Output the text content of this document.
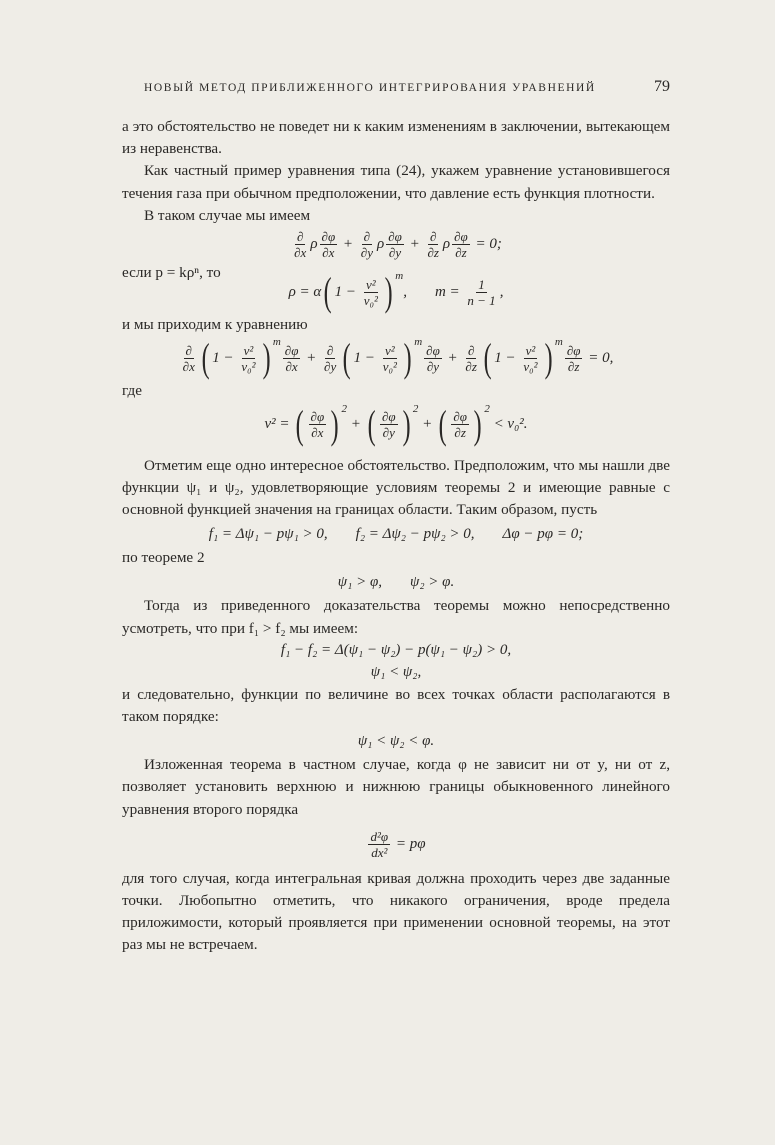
НОВЫЙ МЕТОД ПРИБЛИЖЕННОГО ИНТЕГРИРОВАНИЯ УРАВНЕНИЙ	79

а это обстоятельство не поведет ни к каким изменениям в заключении, вытекающем из неравенства.

Как частный пример уравнения типа (24), укажем уравнение установившегося течения газа при обычном предположении, что давление есть функция плотности.

В таком случае мы имеем

$\frac{\partial}{\partial x}$ ρ $\frac{\partial\varphi}{\partial x} + \frac{\partial}{\partial y}$ ρ $\frac{\partial\varphi}{\partial y} + \frac{\partial}{\partial z}$ ρ $\frac{\partial\varphi}{\partial z} = 0$;

если p = kρⁿ, то

ρ = α ( $1 - \frac{\text{v²}}{\text{v₀²}} )^m$
, $m = \frac{1}{n - 1}$ ,

и мы приходим к уравнению

$\frac{\partial}{\partial x}$ ( $1 - \frac{\text{v²}}{\text{v₀²}} )^m$
$\frac{\partial\varphi}{\partial x} + \frac{\partial}{\partial y}$ ( $1 - \frac{\text{v²}}{\text{v₀²}} )^m$
$\frac{\partial\varphi}{\partial y} + \frac{\partial}{\partial z}$ ( $1 - \frac{\text{v²}}{\text{v₀²}} )^m$
$\frac{\partial\varphi}{\partial z} = 0$,

где

v² = ( $\frac{\partial\varphi}{\partial x} )^2$
+ ( $\frac{\partial\varphi}{\partial y} )^2$
+ ( $\frac{\partial\varphi}{\partial z} )^2$
< v₀².

Отметим еще одно интересное обстоятельство. Предположим, что мы нашли две функции ψ₁ и ψ₂, удовлетворяющие условиям теоремы 2 и имеющие равные с основной функцией значения на границах области. Таким образом, пусть

f₁ = Δψ₁ − pψ₁ > 0, f₂ = Δψ₂ − pψ₂ > 0, Δφ − pφ = 0;

по теореме 2

ψ₁ > φ, ψ₂ > φ.

Тогда из приведенного доказательства теоремы можно непосредственно усмотреть, что при f₁ > f₂ мы имеем:

f₁ − f₂ = Δ(ψ₁ − ψ₂) − p(ψ₁ − ψ₂) > 0,
ψ₁ < ψ₂,

и следовательно, функции по величине во всех точках области располагаются в таком порядке:

ψ₁ < ψ₂ < φ.

Изложенная теорема в частном случае, когда φ не зависит ни от y, ни от z, позволяет установить верхнюю и нижнюю границы обыкновенного линейного уравнения второго порядка

$\frac{\text{d²φ}}{\text{dx²}} = p\varphi$

для того случая, когда интегральная кривая должна проходить через две заданные точки. Любопытно отметить, что никакого ограничения, вроде предела приложимости, который проявляется при применении основной теоремы, на этот раз мы не встречаем.
